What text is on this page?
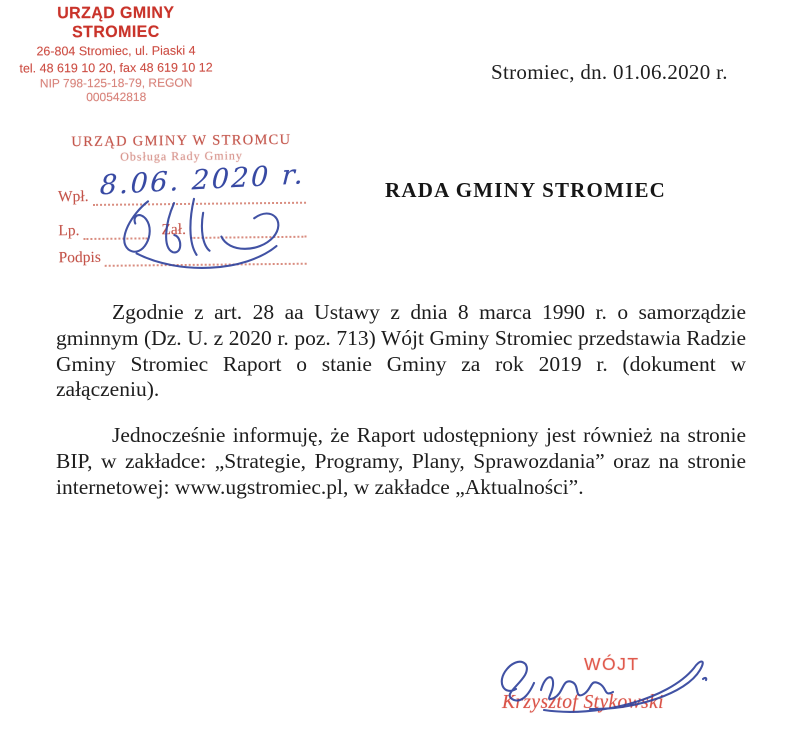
URZĄD GMINY STROMIEC
26-804 Stromiec, ul. Piaski 4
tel. 48 619 10 20, fax 48 619 10 12
NIP 798-125-18-79, REGON 000542818
Stromiec, dn. 01.06.2020 r.
URZĄD GMINY W STROMCU
Obsługa Rady Gminy
Wpł.
Lp.	Zał.
Podpis
8.06. 2020 r.	RADA GMINY STROMIEC

Zgodnie z art. 28 aa Ustawy z dnia 8 marca 1990 r. o samorządzie gminnym (Dz. U. z 2020 r. poz. 713) Wójt Gminy Stromiec przedstawia Radzie Gminy Stromiec Raport o stanie Gminy za rok 2019 r. (dokument w załączeniu).

Jednocześnie informuję, że Raport udostępniony jest również na stronie BIP, w zakładce: „Strategie, Programy, Plany, Sprawozdania” oraz na stronie internetowej: www.ugstromiec.pl, w zakładce „Aktualności”.

WÓJT
Krzysztof Stykowski
